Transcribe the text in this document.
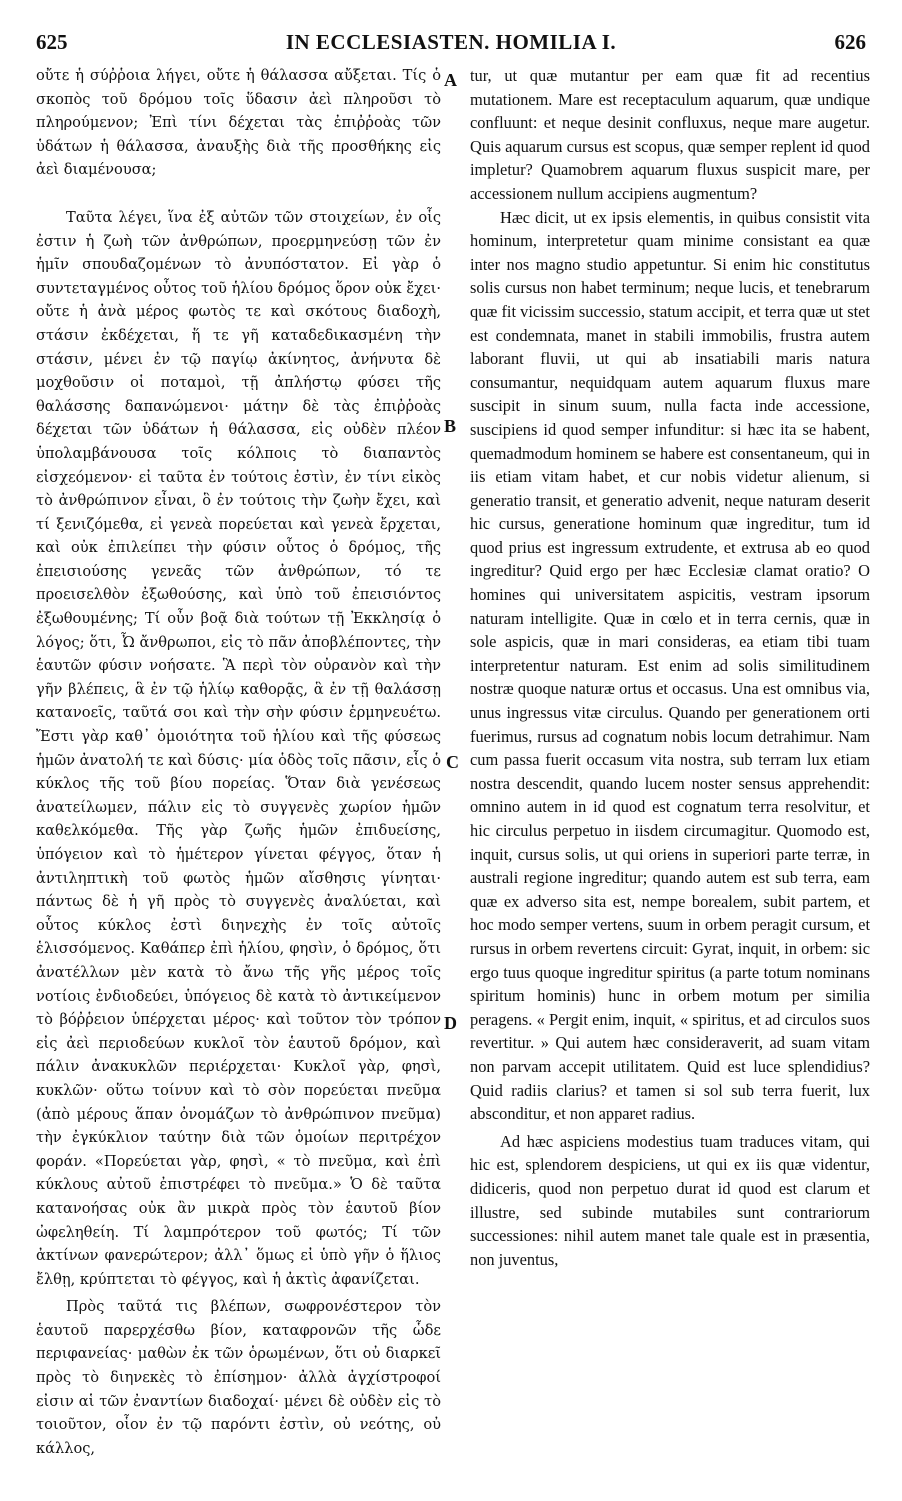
625	IN ECCLESIASTEN. HOMILIA I.	626

οὔτε ἡ σύῤῥοια λήγει, οὔτε ἡ θάλασσα αὔξεται. Τίς ὁ σκοπὸς τοῦ δρόμου τοῖς ὕδασιν ἀεὶ πληροῦσι τὸ πληρούμενον; Ἐπὶ τίνι δέχεται τὰς ἐπιῤῥοὰς τῶν ὑδάτων ἡ θάλασσα, ἀναυξὴς διὰ τῆς προσθήκης εἰς ἀεὶ διαμένουσα;

Ταῦτα λέγει, ἵνα ἐξ αὐτῶν τῶν στοιχείων, ἐν οἷς ἐστιν ἡ ζωὴ τῶν ἀνθρώπων, προερμηνεύσῃ τῶν ἐν ἡμῖν σπουδαζομένων τὸ ἀνυπόστατον. Εἰ γὰρ ὁ συντεταγμένος οὗτος τοῦ ἡλίου δρόμος ὅρον οὐκ ἔχει· οὔτε ἡ ἀνὰ μέρος φωτὸς τε καὶ σκότους διαδοχὴ, στάσιν ἐκδέχεται, ἥ τε γῆ καταδεδικασμένη τὴν στάσιν, μένει ἐν τῷ παγίῳ ἀκίνητος, ἀνήνυτα δὲ μοχθοῦσιν οἱ ποταμοὶ, τῇ ἀπλήστῳ φύσει τῆς θαλάσσης δαπανώμενοι· μάτην δὲ τὰς ἐπιῤῥοὰς δέχεται τῶν ὑδάτων ἡ θάλασσα, εἰς οὐδὲν πλέον ὑπολαμβάνουσα τοῖς κόλποις τὸ διαπαντὸς εἰσχεόμενον· εἰ ταῦτα ἐν τούτοις ἐστὶν, ἐν τίνι εἰκὸς τὸ ἀνθρώπινον εἶναι, ὃ ἐν τούτοις τὴν ζωὴν ἔχει, καὶ τί ξενιζόμεθα, εἰ γενεὰ πορεύεται καὶ γενεὰ ἔρχεται, καὶ οὐκ ἐπιλείπει τὴν φύσιν οὗτος ὁ δρόμος, τῆς ἐπεισιούσης γενεᾶς τῶν ἀνθρώπων, τό τε προεισελθὸν ἐξωθούσης, καὶ ὑπὸ τοῦ ἐπεισιόντος ἐξωθουμένης; Τί οὖν βοᾷ διὰ τούτων τῇ Ἐκκλησίᾳ ὁ λόγος; ὅτι, Ὦ ἄνθρωποι, εἰς τὸ πᾶν ἀποβλέποντες, τὴν ἑαυτῶν φύσιν νοήσατε. Ἃ περὶ τὸν οὐρανὸν καὶ τὴν γῆν βλέπεις, ἃ ἐν τῷ ἡλίῳ καθορᾷς, ἃ ἐν τῇ θαλάσσῃ κατανοεῖς, ταῦτά σοι καὶ τὴν σὴν φύσιν ἑρμηνευέτω. Ἔστι γὰρ καθ᾽ ὁμοιότητα τοῦ ἡλίου καὶ τῆς φύσεως ἡμῶν ἀνατολή τε καὶ δύσις· μία ὁδὸς τοῖς πᾶσιν, εἷς ὁ κύκλος τῆς τοῦ βίου πορείας. Ὅταν διὰ γενέσεως ἀνατείλωμεν, πάλιν εἰς τὸ συγγενὲς χωρίον ἡμῶν καθελκόμεθα. Τῆς γὰρ ζωῆς ἡμῶν ἐπιδυείσης, ὑπόγειον καὶ τὸ ἡμέτερον γίνεται φέγγος, ὅταν ἡ ἀντιληπτικὴ τοῦ φωτὸς ἡμῶν αἴσθησις γίνηται· πάντως δὲ ἡ γῆ πρὸς τὸ συγγενὲς ἀναλύεται, καὶ οὗτος κύκλος ἐστὶ διηνεχὴς ἐν τοῖς αὐτοῖς ἑλισσόμενος. Καθάπερ ἐπὶ ἡλίου, φησὶν, ὁ δρόμος, ὅτι ἀνατέλλων μὲν κατὰ τὸ ἄνω τῆς γῆς μέρος τοῖς νοτίοις ἐνδιοδεύει, ὑπόγειος δὲ κατὰ τὸ ἀντικείμενον τὸ βόῤῥειον ὑπέρχεται μέρος· καὶ τοῦτον τὸν τρόπον εἰς ἀεὶ περιοδεύων κυκλοῖ τὸν ἑαυτοῦ δρόμον, καὶ πάλιν ἀνακυκλῶν περιέρχεται· Κυκλοῖ γὰρ, φησὶ, κυκλῶν· οὕτω τοίνυν καὶ τὸ σὸν πορεύεται πνεῦμα (ἀπὸ μέρους ἅπαν ὀνομάζων τὸ ἀνθρώπινον πνεῦμα) τὴν ἐγκύκλιον ταύτην διὰ τῶν ὁμοίων περιτρέχον φοράν. «Πορεύεται γὰρ, φησὶ, « τὸ πνεῦμα, καὶ ἐπὶ κύκλους αὐτοῦ ἐπιστρέφει τὸ πνεῦμα.» Ὁ δὲ ταῦτα κατανοήσας οὐκ ἂν μικρὰ πρὸς τὸν ἑαυτοῦ βίον ὠφεληθείη. Τί λαμπρότερον τοῦ φωτός; Τί τῶν ἀκτίνων φανερώτερον; ἀλλ᾽ ὅμως εἰ ὑπὸ γῆν ὁ ἥλιος ἔλθῃ, κρύπτεται τὸ φέγγος, καὶ ἡ ἀκτὶς ἀφανίζεται.

Πρὸς ταῦτά τις βλέπων, σωφρονέστερον τὸν ἑαυτοῦ παρερχέσθω βίον, καταφρονῶν τῆς ὧδε περιφανείας· μαθὼν ἐκ τῶν ὁρωμένων, ὅτι οὐ διαρκεῖ πρὸς τὸ διηνεκὲς τὸ ἐπίσημον· ἀλλὰ ἀγχίστροφοί εἰσιν αἱ τῶν ἐναντίων διαδοχαί· μένει δὲ οὐδὲν εἰς τὸ τοιοῦτον, οἷον ἐν τῷ παρόντι ἐστὶν, οὐ νεότης, οὐ κάλλος,

A
B
C
D

tur, ut quæ mutantur per eam quæ fit ad recentius mutationem. Mare est receptaculum aquarum, quæ undique confluunt: et neque desinit confluxus, neque mare augetur. Quis aquarum cursus est scopus, quæ semper replent id quod impletur? Quamobrem aquarum fluxus suspicit mare, per accessionem nullum accipiens augmentum?

Hæc dicit, ut ex ipsis elementis, in quibus consistit vita hominum, interpretetur quam minime consistant ea quæ inter nos magno studio appetuntur. Si enim hic constitutus solis cursus non habet terminum; neque lucis, et tenebrarum quæ fit vicissim successio, statum accipit, et terra quæ ut stet est condemnata, manet in stabili immobilis, frustra autem laborant fluvii, ut qui ab insatiabili maris natura consumantur, nequidquam autem aquarum fluxus mare suscipit in sinum suum, nulla facta inde accessione, suscipiens id quod semper infunditur: si hæc ita se habent, quemadmodum hominem se habere est consentaneum, qui in iis etiam vitam habet, et cur nobis videtur alienum, si generatio transit, et generatio advenit, neque naturam deserit hic cursus, generatione hominum quæ ingreditur, tum id quod prius est ingressum extrudente, et extrusa ab eo quod ingreditur? Quid ergo per hæc Ecclesiæ clamat oratio? O homines qui universitatem aspicitis, vestram ipsorum naturam intelligite. Quæ in cœlo et in terra cernis, quæ in sole aspicis, quæ in mari consideras, ea etiam tibi tuam interpretentur naturam. Est enim ad solis similitudinem nostræ quoque naturæ ortus et occasus. Una est omnibus via, unus ingressus vitæ circulus. Quando per generationem orti fuerimus, rursus ad cognatum nobis locum detrahimur. Nam cum passa fuerit occasum vita nostra, sub terram lux etiam nostra descendit, quando lucem noster sensus apprehendit: omnino autem in id quod est cognatum terra resolvitur, et hic circulus perpetuo in iisdem circumagitur. Quomodo est, inquit, cursus solis, ut qui oriens in superiori parte terræ, in australi regione ingreditur; quando autem est sub terra, eam quæ ex adverso sita est, nempe borealem, subit partem, et hoc modo semper vertens, suum in orbem peragit cursum, et rursus in orbem revertens circuit: Gyrat, inquit, in orbem: sic ergo tuus quoque ingreditur spiritus (a parte totum nominans spiritum hominis) hunc in orbem motum per similia peragens. « Pergit enim, inquit, « spiritus, et ad circulos suos revertitur. » Qui autem hæc consideraverit, ad suam vitam non parvam accepit utilitatem. Quid est luce splendidius? Quid radiis clarius? et tamen si sol sub terra fuerit, lux absconditur, et non apparet radius.

Ad hæc aspiciens modestius tuam traduces vitam, qui hic est, splendorem despiciens, ut qui ex iis quæ videntur, didiceris, quod non perpetuo durat id quod est clarum et illustre, sed subinde mutabiles sunt contrariorum successiones: nihil autem manet tale quale est in præsentia, non juventus,
